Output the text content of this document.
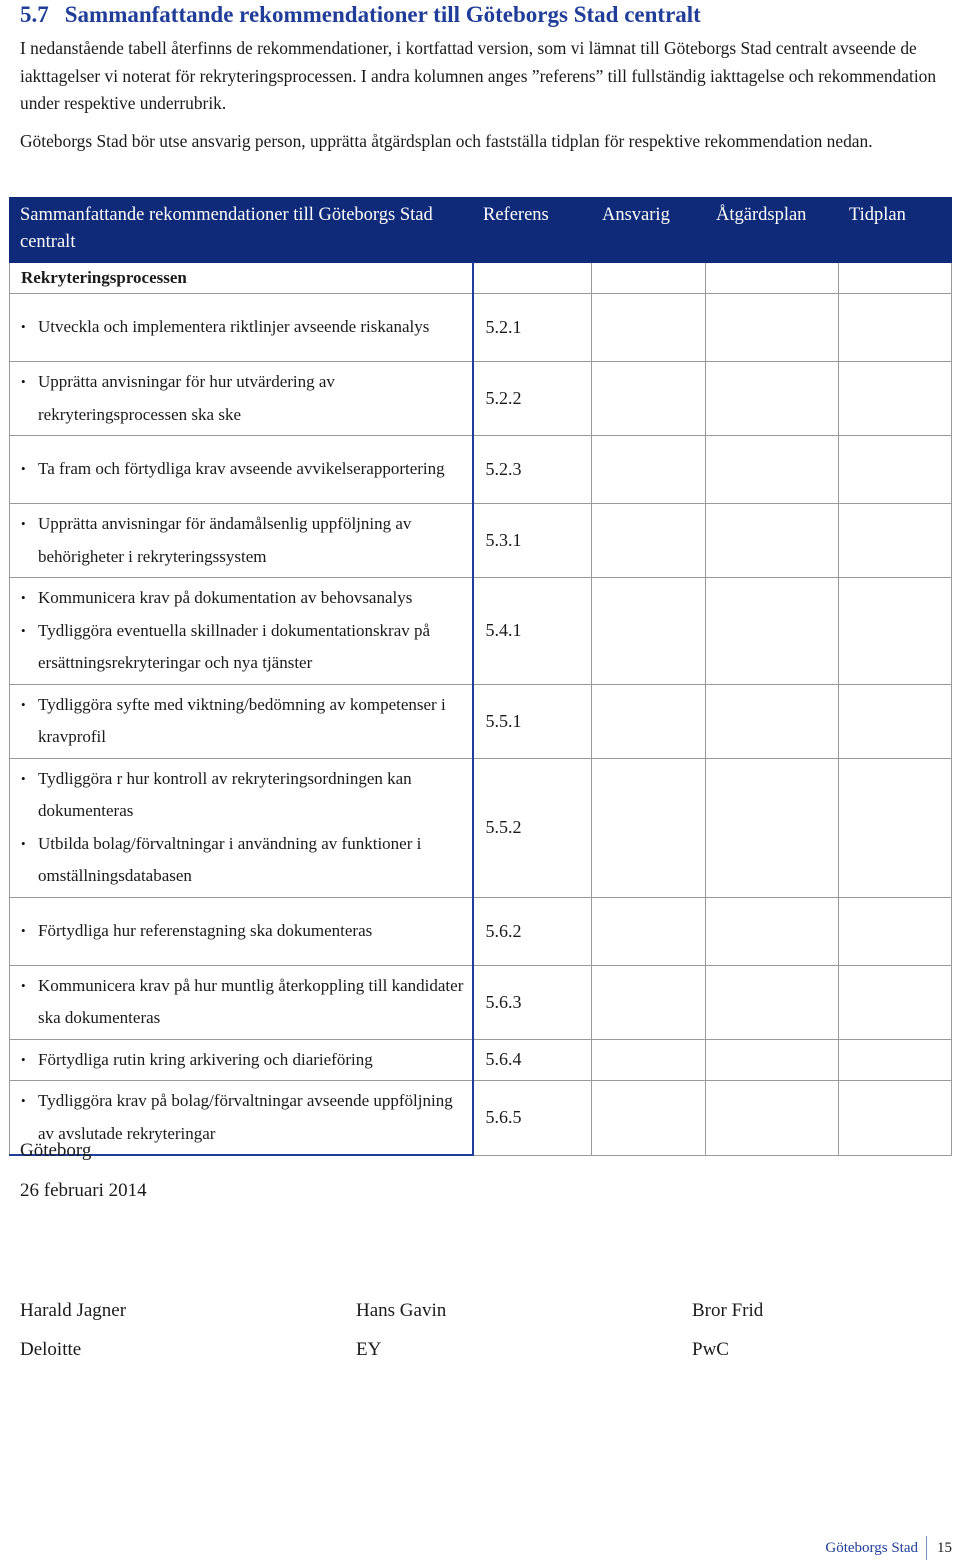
5.7 Sammanfattande rekommendationer till Göteborgs Stad centralt
I nedanstående tabell återfinns de rekommendationer, i kortfattad version, som vi lämnat till Göteborgs Stad centralt avseende de iakttagelser vi noterat för rekryteringsprocessen. I andra kolumnen anges ”referens” till fullständig iakttagelse och rekommendation under respektive underrubrik.
Göteborgs Stad bör utse ansvarig person, upprätta åtgärdsplan och fastställa tidplan för respektive rekommendation nedan.
Sammanfattande rekommendationer till Göteborgs Stad centralt	Referens	Ansvarig	Åtgärdsplan	Tidplan
Rekryteringsprocessen				

• Utveckla och implementera riktlinjer avseende riskanalys	5.2.1			

• Upprätta anvisningar för hur utvärdering av rekryteringsprocessen ska ske	5.2.2			

• Ta fram och förtydliga krav avseende avvikelserapportering	5.2.3			

• Upprätta anvisningar för ändamålsenlig uppföljning av behörigheter i rekryteringssystem	5.3.1			

• Kommunicera krav på dokumentation av behovsanalys
• Tydliggöra eventuella skillnader i dokumentationskrav på ersättningsrekryteringar och nya tjänster	5.4.1			

• Tydliggöra syfte med viktning/bedömning av kompetenser i kravprofil	5.5.1			

• Tydliggöra r hur kontroll av rekryteringsordningen kan dokumenteras
• Utbilda bolag/förvaltningar i användning av funktioner i omställningsdatabasen	5.5.2			

• Förtydliga hur referenstagning ska dokumenteras	5.6.2			

• Kommunicera krav på hur muntlig återkoppling till kandidater ska dokumenteras	5.6.3			

• Förtydliga rutin kring arkivering och diarieföring	5.6.4			

• Tydliggöra krav på bolag/förvaltningar avseende uppföljning av avslutade rekryteringar	5.6.5			
Göteborg
26 februari 2014
Harald Jagner
Deloitte
Hans Gavin
EY
Bror Frid
PwC
Göteborgs Stad 15
